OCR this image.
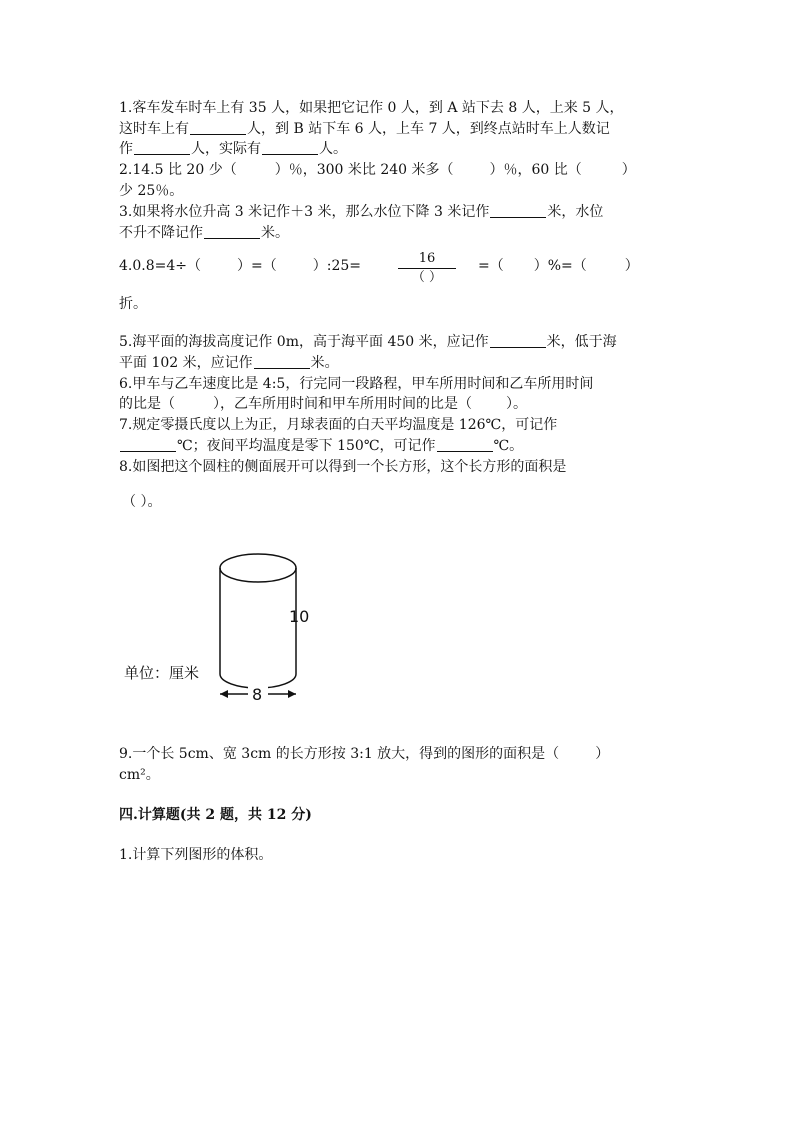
1.客车发车时车上有 35 人，如果把它记作 0 人，到 A 站下去 8 人，上来 5 人，
这时车上有	人，到 B 站下车 6 人，上车 7 人，到终点站时车上人数记
作	人，实际有	人。
2.14.5 比 20 少（	）％，300 米比 240 米多（	）％，60 比（	）
少 25％。
3.如果将水位升高 3 米记作＋3 米，那么水位下降 3 米记作	米，水位
不升不降记作	米。
4.0.8=4÷（	）=（	）:25=	16
（ ）
=（ ）%=（	）
折。
5.海平面的海拔高度记作 0m，高于海平面 450 米，应记作	米，低于海
平面 102 米，应记作	米。
6.甲车与乙车速度比是 4:5，行完同一段路程，甲车所用时间和乙车所用时间
的比是（	），乙车所用时间和甲车所用时间的比是（ ）。
7.规定零摄氏度以上为正，月球表面的白天平均温度是 126℃，可记作
℃；夜间平均温度是零下 150℃，可记作	℃。
8.如图把这个圆柱的侧面展开可以得到一个长方形，这个长方形的面积是
（ ）。
10
8
单位：厘米
9.一个长 5cm、宽 3cm 的长方形按 3:1 放大，得到的图形的面积是（	）
cm²。
四.计算题(共 2 题，共 12 分)
1.计算下列图形的体积。
